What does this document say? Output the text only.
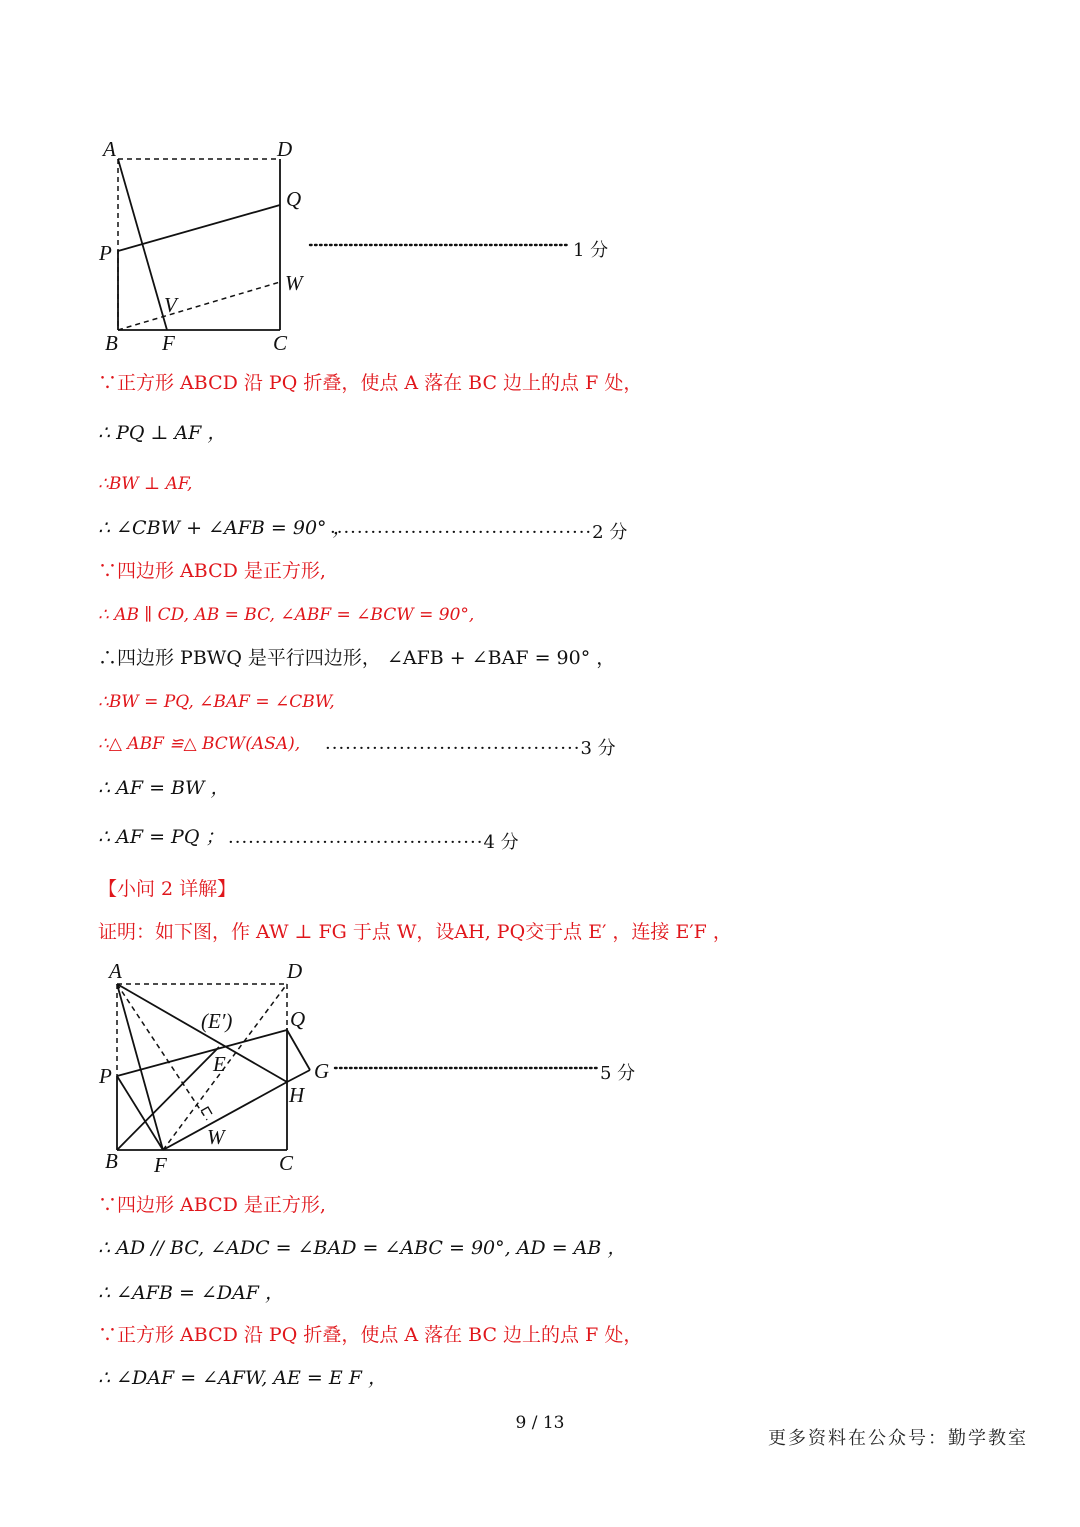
A	D
Q
P
W
V
B F	C
1 分
∵正方形 ABCD 沿 PQ 折叠，使点 A 落在 BC 边上的点 F 处，
∴ PQ ⊥ AF ，
∴BW ⊥ AF,
∴ ∠CBW + ∠AFB = 90° ，
·······································2 分
∵四边形 ABCD 是正方形,
∴ AB ∥ CD, AB = BC, ∠ABF = ∠BCW = 90°,
∴四边形 PBWQ 是平行四边形， ∠AFB + ∠BAF = 90° ，
∴BW = PQ, ∠BAF = ∠CBW,
∴△ ABF ≌△ BCW(ASA), ······································3 分
∴ AF = BW ，
∴ AF = PQ ； ······································4 分
【小问 2 详解】
证明：如下图，作 AW ⊥ FG 于点 W，设AH, PQ交于点 E′ ，连接 E′F ，
A	D
(E′)	Q
E
P	G
H
W
B F	C
5 分
∵四边形 ABCD 是正方形,
∴ AD // BC, ∠ADC = ∠BAD = ∠ABC = 90°, AD = AB ，
∴ ∠AFB = ∠DAF ，
∵正方形 ABCD 沿 PQ 折叠，使点 A 落在 BC 边上的点 F 处，
∴ ∠DAF = ∠AFW, AE = E F ，
9 / 13
更多资料在公众号：勤学教室
